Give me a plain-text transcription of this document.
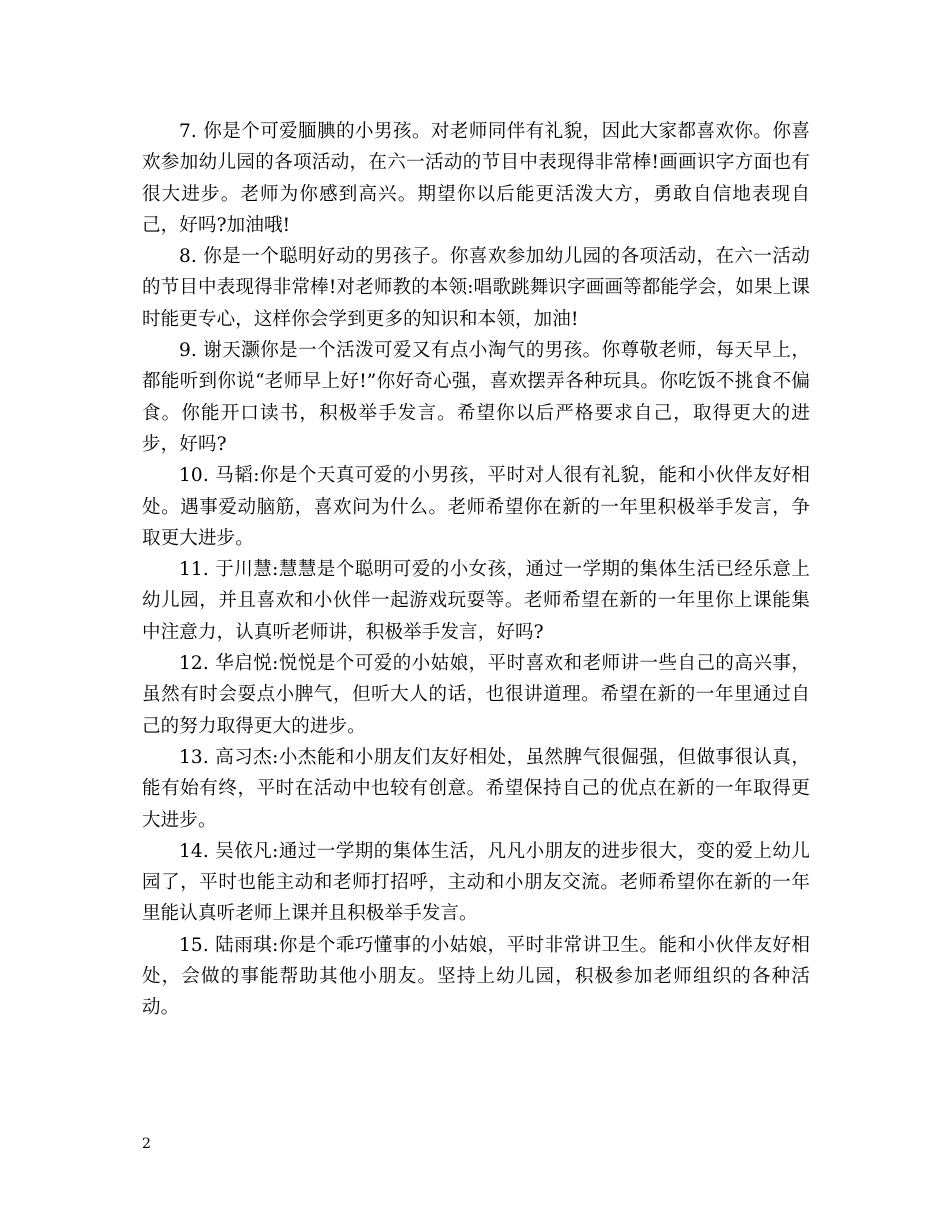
7. 你是个可爱腼腆的小男孩。对老师同伴有礼貌，因此大家都喜欢你。你喜欢参加幼儿园的各项活动，在六一活动的节目中表现得非常棒!画画识字方面也有很大进步。老师为你感到高兴。期望你以后能更活泼大方，勇敢自信地表现自己，好吗?加油哦!

8. 你是一个聪明好动的男孩子。你喜欢参加幼儿园的各项活动，在六一活动的节目中表现得非常棒!对老师教的本领:唱歌跳舞识字画画等都能学会，如果上课时能更专心，这样你会学到更多的知识和本领，加油!

9. 谢天灏你是一个活泼可爱又有点小淘气的男孩。你尊敬老师，每天早上，都能听到你说“老师早上好!”你好奇心强，喜欢摆弄各种玩具。你吃饭不挑食不偏食。你能开口读书，积极举手发言。希望你以后严格要求自己，取得更大的进步，好吗?

10. 马韬:你是个天真可爱的小男孩，平时对人很有礼貌，能和小伙伴友好相处。遇事爱动脑筋，喜欢问为什么。老师希望你在新的一年里积极举手发言，争取更大进步。

11. 于川慧:慧慧是个聪明可爱的小女孩，通过一学期的集体生活已经乐意上幼儿园，并且喜欢和小伙伴一起游戏玩耍等。老师希望在新的一年里你上课能集中注意力，认真听老师讲，积极举手发言，好吗?

12. 华启悦:悦悦是个可爱的小姑娘，平时喜欢和老师讲一些自己的高兴事，虽然有时会耍点小脾气，但听大人的话，也很讲道理。希望在新的一年里通过自己的努力取得更大的进步。

13. 高习杰:小杰能和小朋友们友好相处，虽然脾气很倔强，但做事很认真，能有始有终，平时在活动中也较有创意。希望保持自己的优点在新的一年取得更大进步。

14. 吴依凡:通过一学期的集体生活，凡凡小朋友的进步很大，变的爱上幼儿园了，平时也能主动和老师打招呼，主动和小朋友交流。老师希望你在新的一年里能认真听老师上课并且积极举手发言。

15. 陆雨琪:你是个乖巧懂事的小姑娘，平时非常讲卫生。能和小伙伴友好相处，会做的事能帮助其他小朋友。坚持上幼儿园，积极参加老师组织的各种活动。

2
